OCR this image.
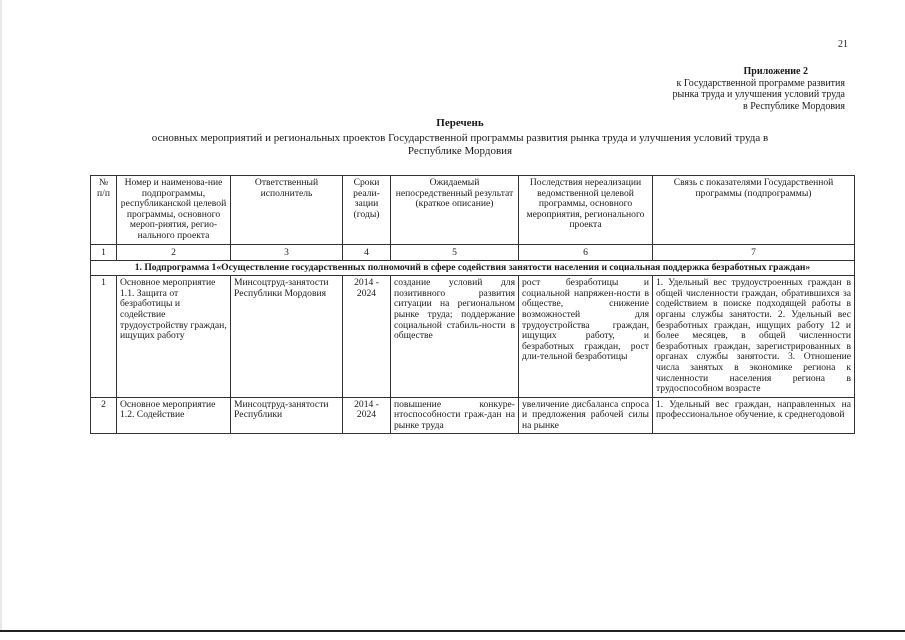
21
Приложение 2
к Государственной программе развития
рынка труда и улучшения условий труда
в Республике Мордовия
Перечень
основных мероприятий и региональных проектов Государственной программы развития рынка труда и улучшения условий труда в
Республике Мордовия
№ п/п	Номер и наименова-ние подпрограммы, республиканской целевой программы, основного мероп-риятия, регио-нального проекта	Ответственный исполнитель	Сроки реали-зации (годы)	Ожидаемый непосредственный результат (краткое описание)	Последствия нереализации ведомственной целевой программы, основного мероприятия, регионального проекта	Связь с показателями Государственной программы (подпрограммы)
1	2	3	4	5	6	7
1. Подпрограмма 1«Осуществление государственных полномочий в сфере содействия занятости населения и социальная поддержка безработных граждан»						
1	Основное мероприятие 1.1. Защита от безработицы и содействие трудоустройству граждан, ищущих работу	Минсоцтруд-занятости Республики Мордовия	2014 - 2024	создание условий для позитивного развития ситуации на региональном рынке труда; поддержание социальной стабиль-ности в обществе	рост безработицы и социальной напряжен-ности в обществе, снижение возможностей для трудоустройства граждан, ищущих работу, и безработных граждан, рост дли-тельной безработицы	1. Удельный вес трудоустроенных граждан в общей численности граждан, обратившихся за содействием в поиске подходящей работы в органы службы занятости. 2. Удельный вес безработных граждан, ищущих работу 12 и более месяцев, в общей численности безработных граждан, зарегистрированных в органах службы занятости. 3. Отношение числа занятых в экономике региона к численности населения региона в трудоспособном возрасте
2	Основное мероприятие 1.2. Содействие	Минсоцтруд-занятости Республики	2014 - 2024	повышение конкуре-нтоспособности граж-дан на рынке труда	увеличение дисбаланса спроса и предложения рабочей силы на рынке	1. Удельный вес граждан, направленных на профессиональное обучение, к среднегодовой
